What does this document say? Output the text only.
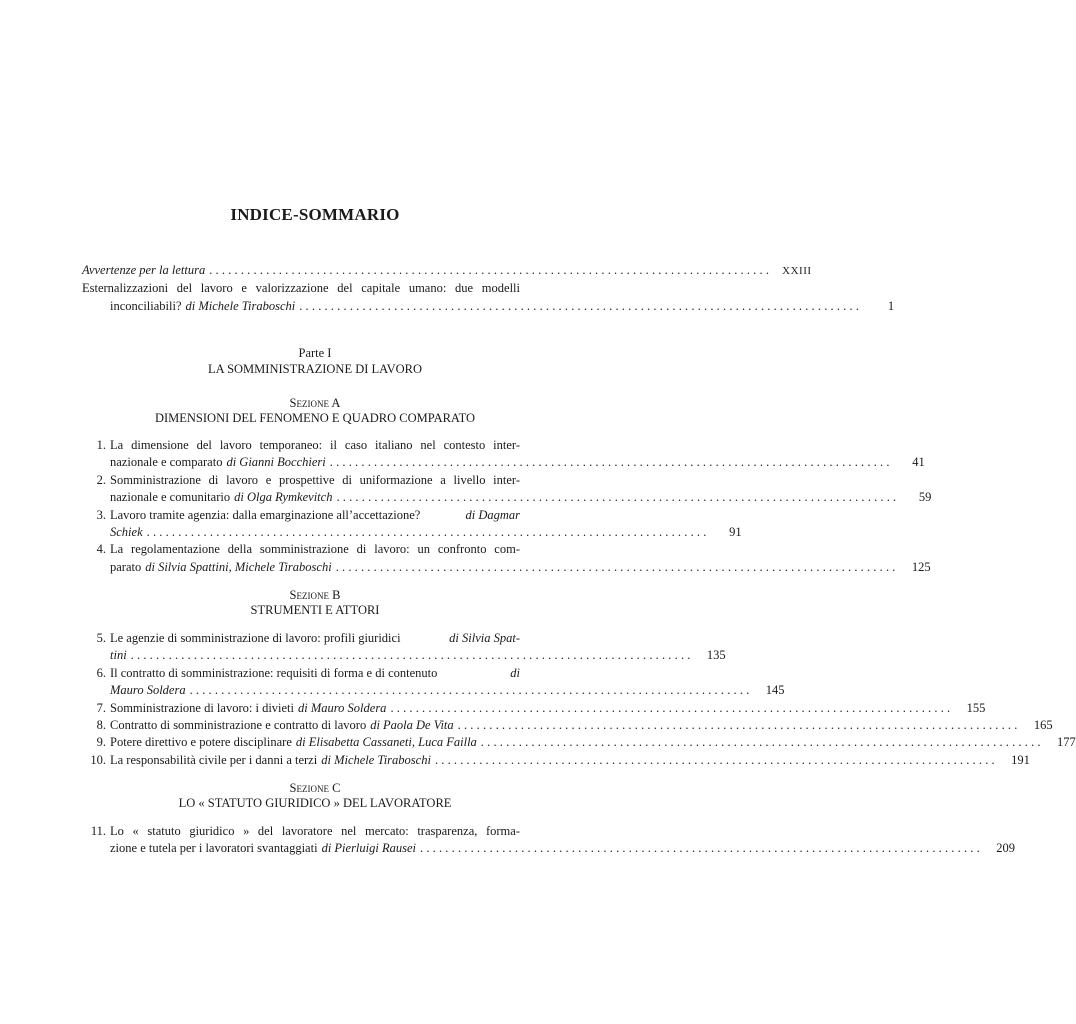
INDICE-SOMMARIO
Avvertenze per la lettura ......................................................................................... XXIII
Esternalizzazioni del lavoro e valorizzazione del capitale umano: due modelli
inconciliabili? di Michele Tiraboschi .........................................................................................	1
Parte I
LA SOMMINISTRAZIONE DI LAVORO
Sezione A
DIMENSIONI DEL FENOMENO E QUADRO COMPARATO
1. La dimensione del lavoro temporaneo: il caso italiano nel contesto inter-
nazionale e comparato di Gianni Bocchieri .........................................................................................	41
2. Somministrazione di lavoro e prospettive di uniformazione a livello inter-
nazionale e comunitario di Olga Rymkevitch .........................................................................................	59
3. Lavoro tramite agenzia: dalla emarginazione all’accettazione?	di Dagmar
Schiek .........................................................................................	91
4. La regolamentazione della somministrazione di lavoro: un confronto com-
parato di Silvia Spattini, Michele Tiraboschi .........................................................................................	125
Sezione B
STRUMENTI E ATTORI
5. Le agenzie di somministrazione di lavoro: profili giuridici	di Silvia Spat-
tini .........................................................................................	135
6. Il contratto di somministrazione: requisiti di forma e di contenuto	di
Mauro Soldera .........................................................................................	145
7. Somministrazione di lavoro: i divieti di Mauro Soldera .........................................................................................	155
8. Contratto di somministrazione e contratto di lavoro di Paola De Vita .........................................................................................	165
9. Potere direttivo e potere disciplinare di Elisabetta Cassaneti, Luca Failla .........................................................................................	177
10. La responsabilità civile per i danni a terzi di Michele Tiraboschi .........................................................................................	191
Sezione C
LO « STATUTO GIURIDICO » DEL LAVORATORE
11. Lo « statuto giuridico » del lavoratore nel mercato: trasparenza, forma-
zione e tutela per i lavoratori svantaggiati di Pierluigi Rausei .........................................................................................	209
